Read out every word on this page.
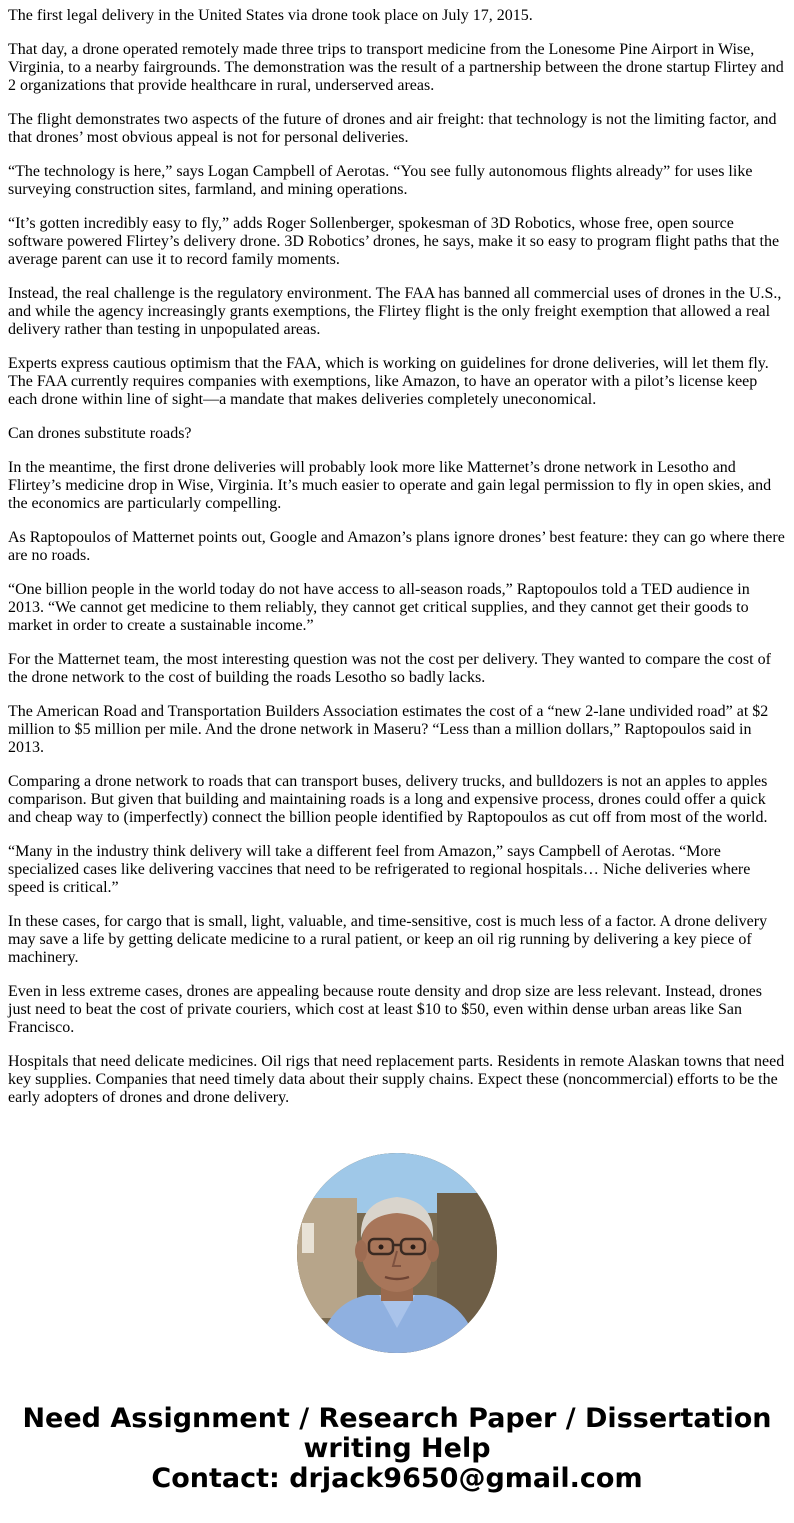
The first legal delivery in the United States via drone took place on July 17, 2015.

That day, a drone operated remotely made three trips to transport medicine from the Lonesome Pine Airport in Wise, Virginia, to a nearby fairgrounds. The demonstration was the result of a partnership between the drone startup Flirtey and 2 organizations that provide healthcare in rural, underserved areas.

The flight demonstrates two aspects of the future of drones and air freight: that technology is not the limiting factor, and that drones’ most obvious appeal is not for personal deliveries.

“The technology is here,” says Logan Campbell of Aerotas. “You see fully autonomous flights already” for uses like surveying construction sites, farmland, and mining operations.

“It’s gotten incredibly easy to fly,” adds Roger Sollenberger, spokesman of 3D Robotics, whose free, open source software powered Flirtey’s delivery drone. 3D Robotics’ drones, he says, make it so easy to program flight paths that the average parent can use it to record family moments.

Instead, the real challenge is the regulatory environment. The FAA has banned all commercial uses of drones in the U.S., and while the agency increasingly grants exemptions, the Flirtey flight is the only freight exemption that allowed a real delivery rather than testing in unpopulated areas.

Experts express cautious optimism that the FAA, which is working on guidelines for drone deliveries, will let them fly. The FAA currently requires companies with exemptions, like Amazon, to have an operator with a pilot’s license keep each drone within line of sight—a mandate that makes deliveries completely uneconomical.

Can drones substitute roads?

In the meantime, the first drone deliveries will probably look more like Matternet’s drone network in Lesotho and Flirtey’s medicine drop in Wise, Virginia. It’s much easier to operate and gain legal permission to fly in open skies, and the economics are particularly compelling.

As Raptopoulos of Matternet points out, Google and Amazon’s plans ignore drones’ best feature: they can go where there are no roads.

“One billion people in the world today do not have access to all-season roads,” Raptopoulos told a TED audience in 2013. “We cannot get medicine to them reliably, they cannot get critical supplies, and they cannot get their goods to market in order to create a sustainable income.”

For the Matternet team, the most interesting question was not the cost per delivery. They wanted to compare the cost of the drone network to the cost of building the roads Lesotho so badly lacks.

The American Road and Transportation Builders Association estimates the cost of a “new 2-lane undivided road” at $2 million to $5 million per mile. And the drone network in Maseru? “Less than a million dollars,” Raptopoulos said in 2013.

Comparing a drone network to roads that can transport buses, delivery trucks, and bulldozers is not an apples to apples comparison. But given that building and maintaining roads is a long and expensive process, drones could offer a quick and cheap way to (imperfectly) connect the billion people identified by Raptopoulos as cut off from most of the world.

“Many in the industry think delivery will take a different feel from Amazon,” says Campbell of Aerotas. “More specialized cases like delivering vaccines that need to be refrigerated to regional hospitals… Niche deliveries where speed is critical.”

In these cases, for cargo that is small, light, valuable, and time-sensitive, cost is much less of a factor. A drone delivery may save a life by getting delicate medicine to a rural patient, or keep an oil rig running by delivering a key piece of machinery.

Even in less extreme cases, drones are appealing because route density and drop size are less relevant. Instead, drones just need to beat the cost of private couriers, which cost at least $10 to $50, even within dense urban areas like San Francisco.

Hospitals that need delicate medicines. Oil rigs that need replacement parts. Residents in remote Alaskan towns that need key supplies. Companies that need timely data about their supply chains. Expect these (noncommercial) efforts to be the early adopters of drones and drone delivery.

Need Assignment / Research Paper / Dissertation writing Help
Contact: drjack9650@gmail.com
